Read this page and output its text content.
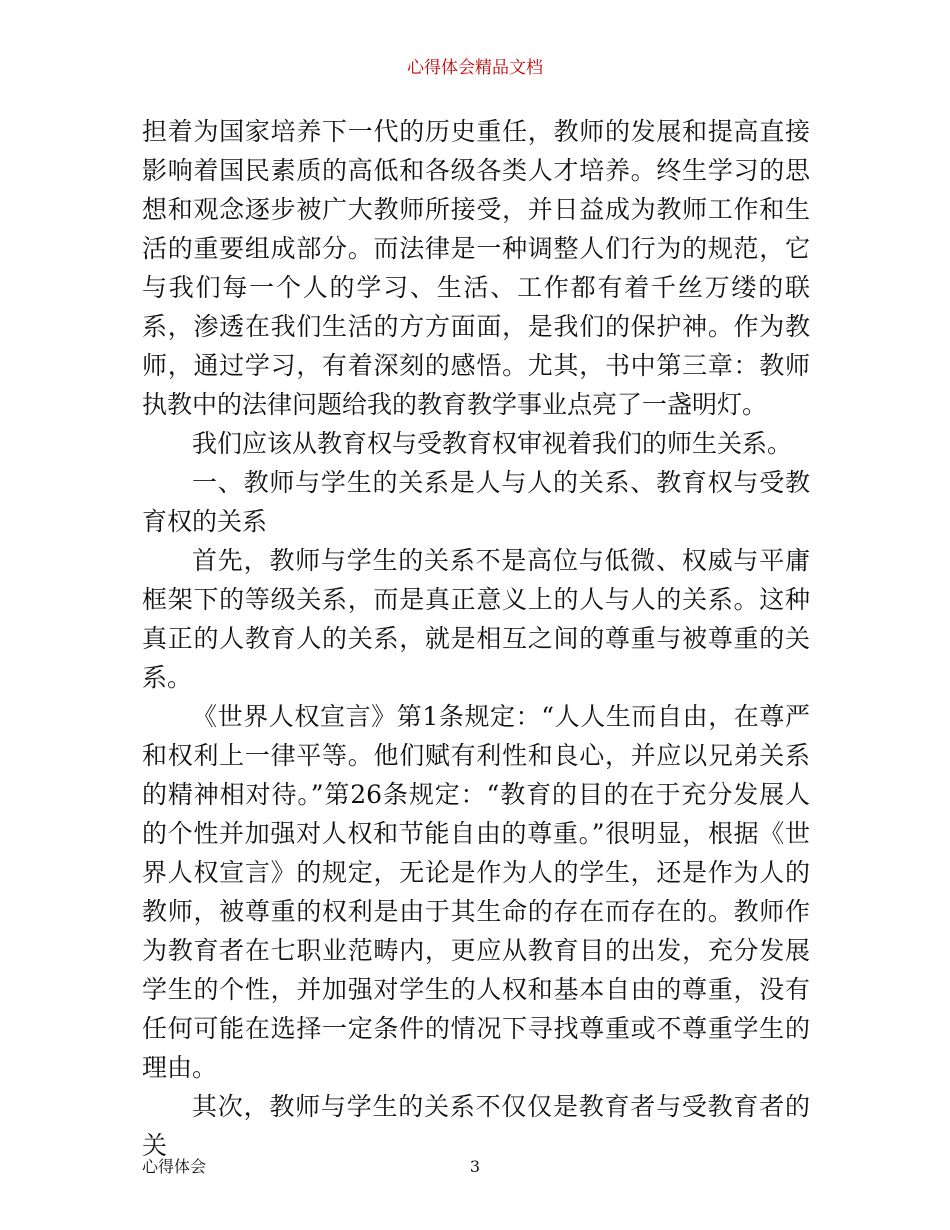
心得体会精品文档

担着为国家培养下一代的历史重任，教师的发展和提高直接影响着国民素质的高低和各级各类人才培养。终生学习的思想和观念逐步被广大教师所接受，并日益成为教师工作和生活的重要组成部分。而法律是一种调整人们行为的规范，它与我们每一个人的学习、生活、工作都有着千丝万缕的联系，渗透在我们生活的方方面面，是我们的保护神。作为教师，通过学习，有着深刻的感悟。尤其，书中第三章：教师执教中的法律问题给我的教育教学事业点亮了一盏明灯。

我们应该从教育权与受教育权审视着我们的师生关系。

一、教师与学生的关系是人与人的关系、教育权与受教育权的关系

首先，教师与学生的关系不是高位与低微、权威与平庸框架下的等级关系，而是真正意义上的人与人的关系。这种真正的人教育人的关系，就是相互之间的尊重与被尊重的关系。

《世界人权宣言》第1条规定：“人人生而自由，在尊严和权利上一律平等。他们赋有利性和良心，并应以兄弟关系的精神相对待。”第26条规定：“教育的目的在于充分发展人的个性并加强对人权和节能自由的尊重。”很明显，根据《世界人权宣言》的规定，无论是作为人的学生，还是作为人的教师，被尊重的权利是由于其生命的存在而存在的。教师作为教育者在七职业范畴内，更应从教育目的出发，充分发展学生的个性，并加强对学生的人权和基本自由的尊重，没有任何可能在选择一定条件的情况下寻找尊重或不尊重学生的理由。

其次，教师与学生的关系不仅仅是教育者与受教育者的关

心得体会	3
